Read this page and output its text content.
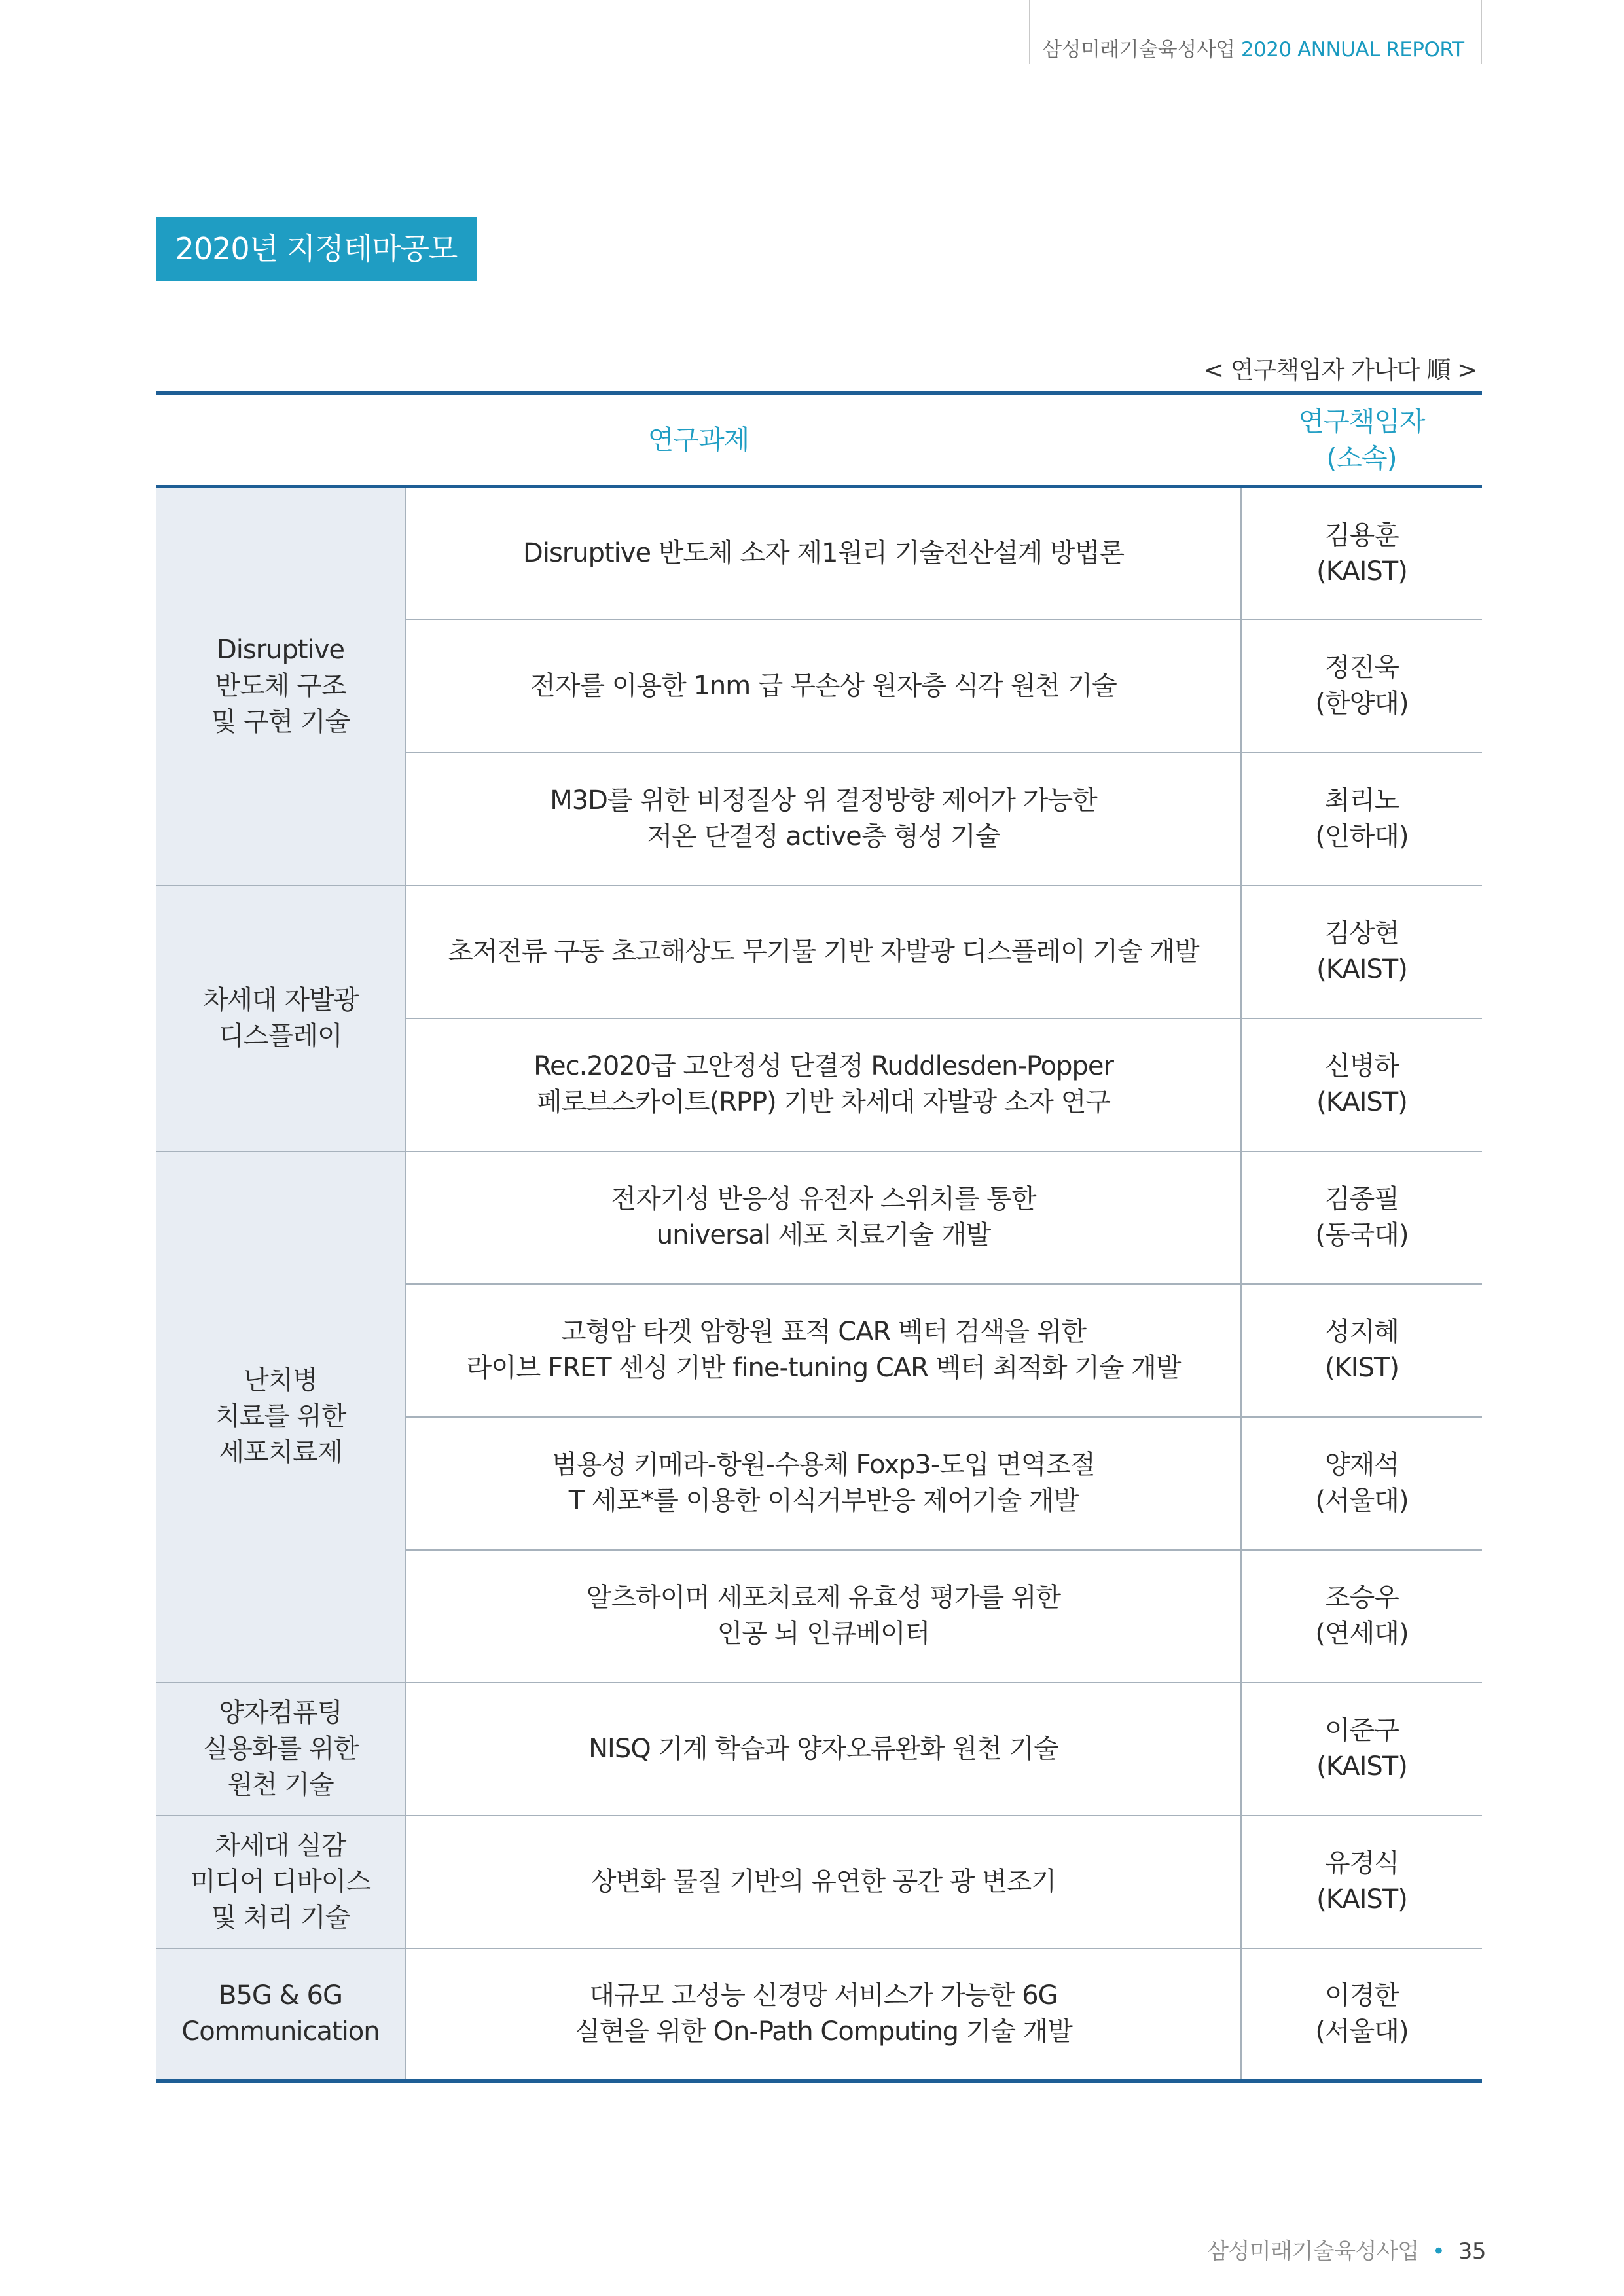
삼성미래기술육성사업 2020 ANNUAL REPORT
2020년 지정테마공모
< 연구책임자 가나다 順 >
연구과제		연구책임자
(소속)

Disruptive
반도체 구조
및 구현 기술	Disruptive 반도체 소자 제1원리 기술전산설계 방법론	김용훈
(KAIST)

	전자를 이용한 1nm 급 무손상 원자층 식각 원천 기술	정진욱
(한양대)

	M3D를 위한 비정질상 위 결정방향 제어가 가능한
저온 단결정 active층 형성 기술	최리노
(인하대)

차세대 자발광
디스플레이	초저전류 구동 초고해상도 무기물 기반 자발광 디스플레이 기술 개발	김상현
(KAIST)

	Rec.2020급 고안정성 단결정 Ruddlesden-Popper
페로브스카이트(RPP) 기반 차세대 자발광 소자 연구	신병하
(KAIST)

난치병
치료를 위한
세포치료제	전자기성 반응성 유전자 스위치를 통한
universal 세포 치료기술 개발	김종필
(동국대)

	고형암 타겟 암항원 표적 CAR 벡터 검색을 위한
라이브 FRET 센싱 기반 fine-tuning CAR 벡터 최적화 기술 개발	성지혜
(KIST)

	범용성 키메라-항원-수용체 Foxp3-도입 면역조절
T 세포*를 이용한 이식거부반응 제어기술 개발	양재석
(서울대)

	알츠하이머 세포치료제 유효성 평가를 위한
인공 뇌 인큐베이터	조승우
(연세대)

양자컴퓨팅
실용화를 위한
원천 기술	NISQ 기계 학습과 양자오류완화 원천 기술	이준구
(KAIST)

차세대 실감
미디어 디바이스
및 처리 기술	상변화 물질 기반의 유연한 공간 광 변조기	유경식
(KAIST)

B5G & 6G
Communication	대규모 고성능 신경망 서비스가 가능한 6G
실현을 위한 On-Path Computing 기술 개발	이경한
(서울대)
삼성미래기술육성사업 • 35
